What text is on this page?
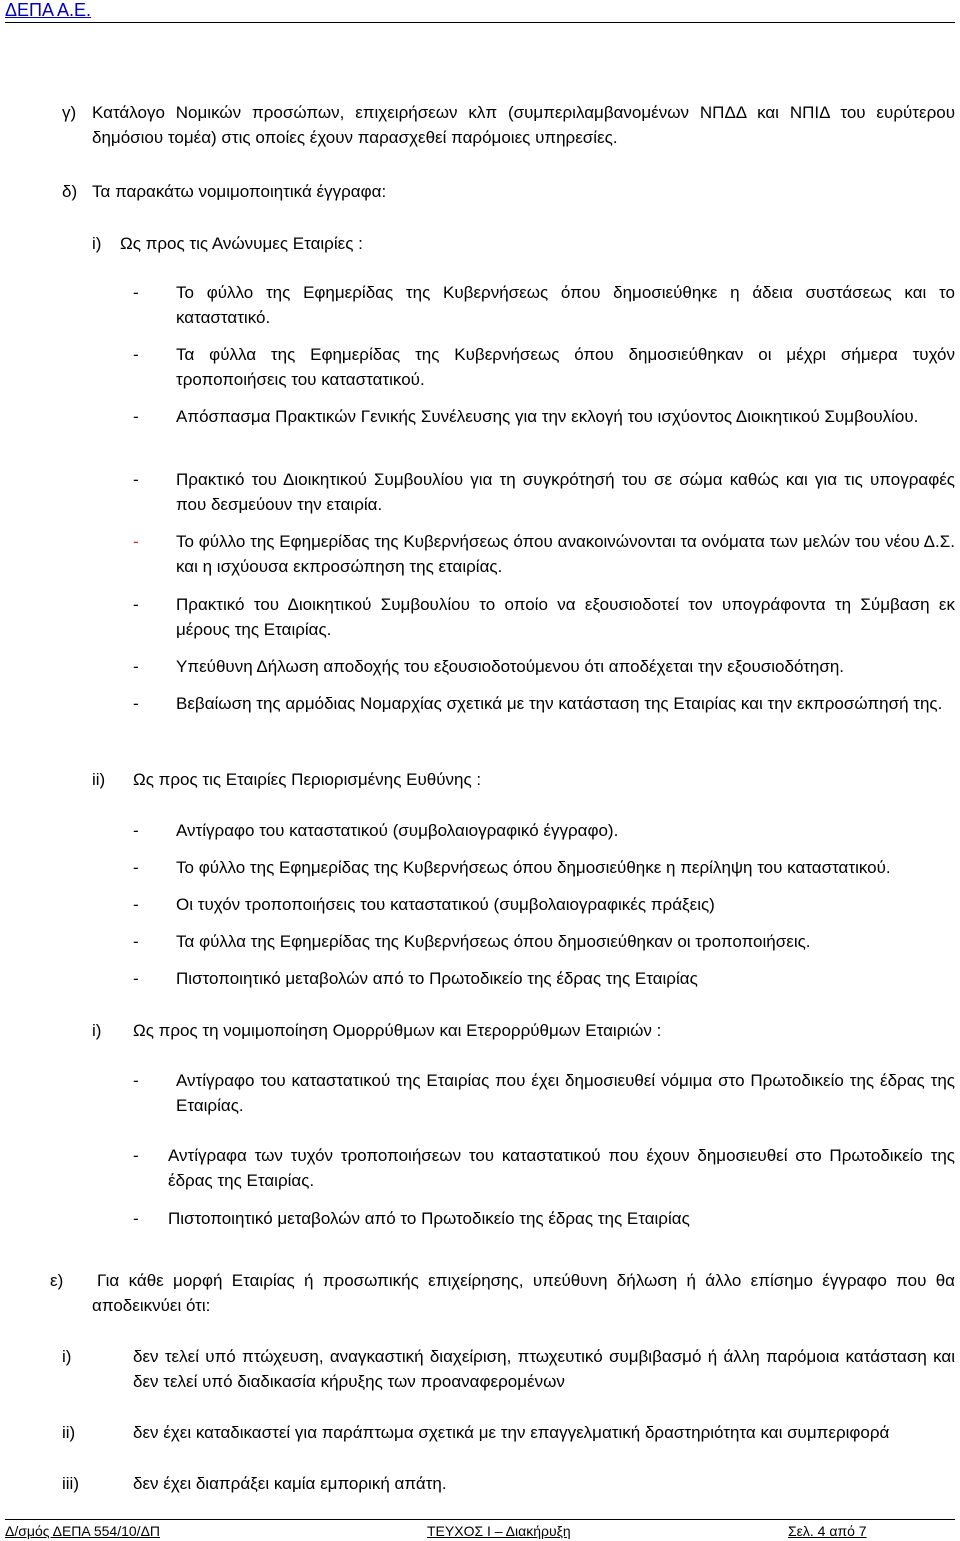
ΔΕΠΑ Α.Ε.
γ) Κατάλογο Νομικών προσώπων, επιχειρήσεων κλπ (συμπεριλαμβανομένων ΝΠΔΔ και ΝΠΙΔ του ευρύτερου δημόσιου τομέα) στις οποίες έχουν παρασχεθεί παρόμοιες υπηρεσίες.
δ) Τα παρακάτω νομιμοποιητικά έγγραφα:
i) Ως προς τις Ανώνυμες Εταιρίες :
- Το φύλλο της Εφημερίδας της Κυβερνήσεως όπου δημοσιεύθηκε η άδεια συστάσεως και το καταστατικό.
- Τα φύλλα της Εφημερίδας της Κυβερνήσεως όπου δημοσιεύθηκαν οι μέχρι σήμερα τυχόν τροποποιήσεις του καταστατικού.
- Απόσπασμα Πρακτικών Γενικής Συνέλευσης για την εκλογή του ισχύοντος Διοικητικού Συμβουλίου.
- Πρακτικό του Διοικητικού Συμβουλίου για τη συγκρότησή του σε σώμα καθώς και για τις υπογραφές που δεσμεύουν την εταιρία.
- Το φύλλο της Εφημερίδας της Κυβερνήσεως όπου ανακοινώνονται τα ονόματα των μελών του νέου Δ.Σ. και η ισχύουσα εκπροσώπηση της εταιρίας.
- Πρακτικό του Διοικητικού Συμβουλίου το οποίο να εξουσιοδοτεί τον υπογράφοντα τη Σύμβαση εκ μέρους της Εταιρίας.
- Υπεύθυνη Δήλωση αποδοχής του εξουσιοδοτούμενου ότι αποδέχεται την εξουσιοδότηση.
- Βεβαίωση της αρμόδιας Νομαρχίας σχετικά με την κατάσταση της Εταιρίας και την εκπροσώπησή της.
ii) Ως προς τις Εταιρίες Περιορισμένης Ευθύνης :
- Αντίγραφο του καταστατικού (συμβολαιογραφικό έγγραφο).
- Το φύλλο της Εφημερίδας της Κυβερνήσεως όπου δημοσιεύθηκε η περίληψη του καταστατικού.
- Οι τυχόν τροποποιήσεις του καταστατικού (συμβολαιογραφικές πράξεις)
- Τα φύλλα της Εφημερίδας της Κυβερνήσεως όπου δημοσιεύθηκαν οι τροποποιήσεις.
- Πιστοποιητικό μεταβολών από το Πρωτοδικείο της έδρας της Εταιρίας
i) Ως προς τη νομιμοποίηση Ομορρύθμων και Ετερορρύθμων Εταιριών :
- Αντίγραφο του καταστατικού της Εταιρίας που έχει δημοσιευθεί νόμιμα στο Πρωτοδικείο της έδρας της Εταιρίας.
- Αντίγραφα των τυχόν τροποποιήσεων του καταστατικού που έχουν δημοσιευθεί στο Πρωτοδικείο της έδρας της Εταιρίας.
- Πιστοποιητικό μεταβολών από το Πρωτοδικείο της έδρας της Εταιρίας
ε) Για κάθε μορφή Εταιρίας ή προσωπικής επιχείρησης, υπεύθυνη δήλωση ή άλλο επίσημο έγγραφο που θα αποδεικνύει ότι:
i)	δεν τελεί υπό πτώχευση, αναγκαστική διαχείριση, πτωχευτικό συμβιβασμό ή άλλη παρόμοια κατάσταση και δεν τελεί υπό διαδικασία κήρυξης των προαναφερομένων
ii)	δεν έχει καταδικαστεί για παράπτωμα σχετικά με την επαγγελματική δραστηριότητα και συμπεριφορά
iii)	δεν έχει διαπράξει καμία εμπορική απάτη.
Δ/σμός ΔΕΠΑ 554/10/ΔΠ	ΤΕΥΧΟΣ Ι – Διακήρυξη	Σελ. 4 από 7
